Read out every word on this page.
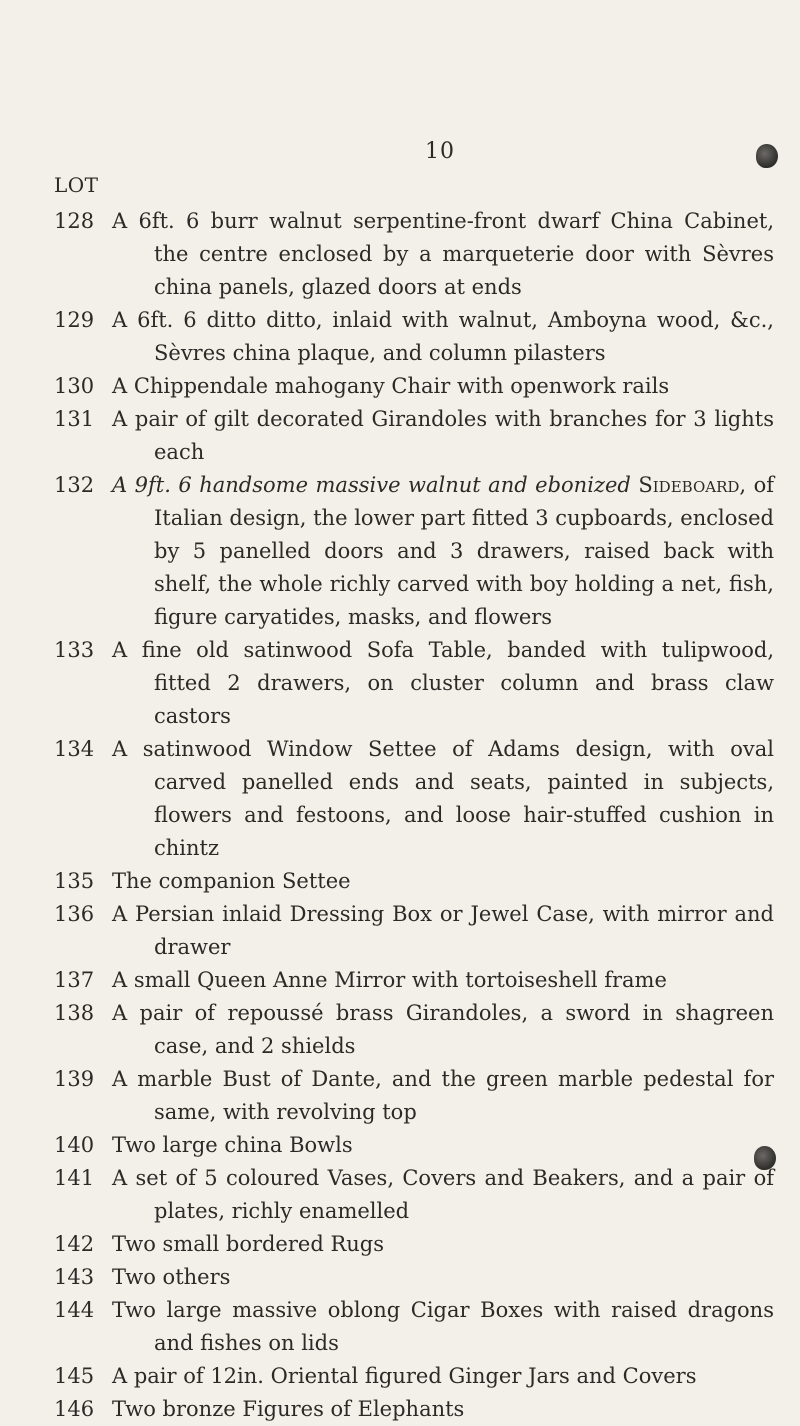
10
LOT
128 A 6ft. 6 burr walnut serpentine-front dwarf China Cabinet, the centre enclosed by a marqueterie door with Sèvres china panels, glazed doors at ends
129 A 6ft. 6 ditto ditto, inlaid with walnut, Amboyna wood, &c., Sèvres china plaque, and column pilasters
130 A Chippendale mahogany Chair with openwork rails
131 A pair of gilt decorated Girandoles with branches for 3 lights each
132 A 9ft. 6 handsome massive walnut and ebonized Sideboard, of Italian design, the lower part fitted 3 cupboards, enclosed by 5 panelled doors and 3 drawers, raised back with shelf, the whole richly carved with boy holding a net, fish, figure caryatides, masks, and flowers
133 A fine old satinwood Sofa Table, banded with tulipwood, fitted 2 drawers, on cluster column and brass claw castors
134 A satinwood Window Settee of Adams design, with oval carved panelled ends and seats, painted in subjects, flowers and festoons, and loose hair-stuffed cushion in chintz
135 The companion Settee
136 A Persian inlaid Dressing Box or Jewel Case, with mirror and drawer
137 A small Queen Anne Mirror with tortoiseshell frame
138 A pair of repoussé brass Girandoles, a sword in shagreen case, and 2 shields
139 A marble Bust of Dante, and the green marble pedestal for same, with revolving top
140 Two large china Bowls
141 A set of 5 coloured Vases, Covers and Beakers, and a pair of plates, richly enamelled
142 Two small bordered Rugs
143 Two others
144 Two large massive oblong Cigar Boxes with raised dragons and fishes on lids
145 A pair of 12in. Oriental figured Ginger Jars and Covers
146 Two bronze Figures of Elephants
